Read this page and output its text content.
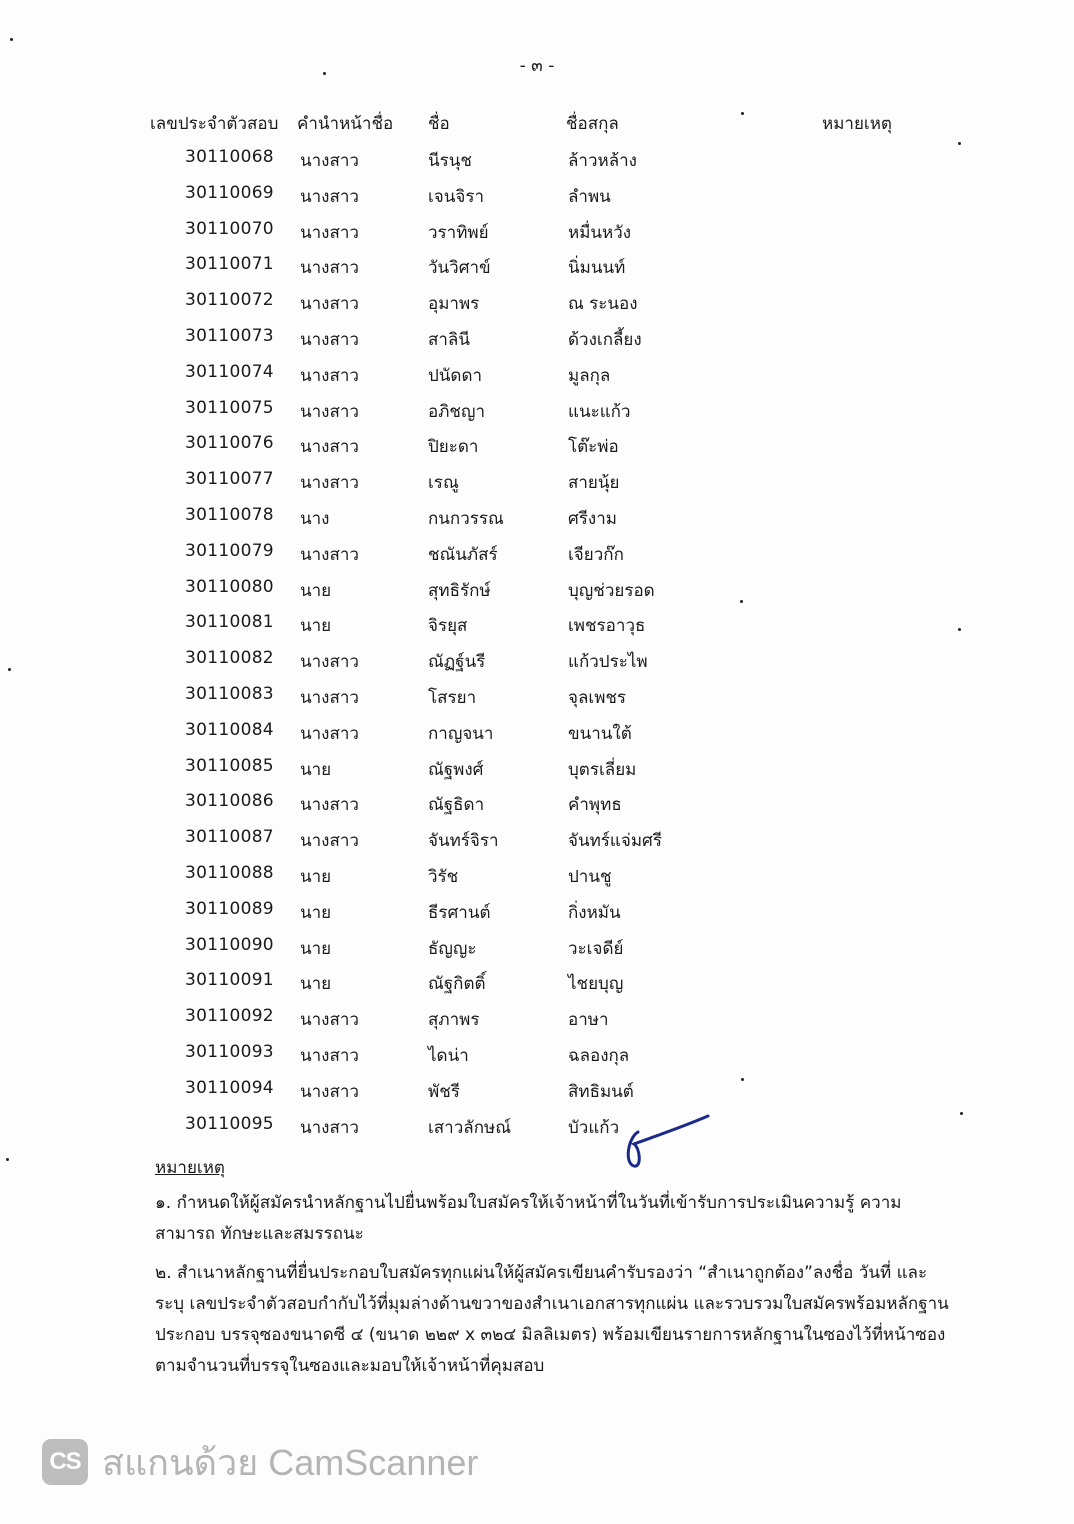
- ๓ -
เลขประจำตัวสอบ คำนำหน้าชื่อ ชื่อ	ชื่อสกุล	หมายเหตุ
30110068 นางสาว	นีรนุช	ล้าวหล้าง
30110069 นางสาว	เจนจิรา	ลำพน
30110070 นางสาว	วราทิพย์	หมื่นหวัง
30110071 นางสาว	วันวิศาข์	นิ่มนนท์
30110072 นางสาว	อุมาพร	ณ ระนอง
30110073 นางสาว	สาลินี	ด้วงเกลี้ยง
30110074 นางสาว	ปนัดดา	มูลกุล
30110075 นางสาว	อภิชญา	แนะแก้ว
30110076 นางสาว	ปิยะดา	โต๊ะพ่อ
30110077 นางสาว	เรณู	สายนุ้ย
30110078 นาง	กนกวรรณ	ศรีงาม
30110079 นางสาว	ชณันภัสร์	เจียวก๊ก
30110080 นาย	สุทธิรักษ์	บุญช่วยรอด
30110081 นาย	จิรยุส	เพชรอาวุธ
30110082 นางสาว	ณัฏฐ์นรี	แก้วประไพ
30110083 นางสาว	โสรยา	จุลเพชร
30110084 นางสาว	กาญจนา	ขนานใต้
30110085 นาย	ณัฐพงศ์	บุตรเลี่ยม
30110086 นางสาว	ณัฐธิดา	คำพุทธ
30110087 นางสาว	จันทร์จิรา	จันทร์แจ่มศรี
30110088 นาย	วิรัช	ปานชู
30110089 นาย	ธีรศานต์	กิ่งหมัน
30110090 นาย	ธัญญะ	วะเจดีย์
30110091 นาย	ณัฐกิตติ์	ไชยบุญ
30110092 นางสาว	สุภาพร	อาษา
30110093 นางสาว	ไดน่า	ฉลองกุล
30110094 นางสาว	พัชรี	สิทธิมนต์
30110095 นางสาว	เสาวลักษณ์	บัวแก้ว
หมายเหตุ
๑. กำหนดให้ผู้สมัครนำหลักฐานไปยื่นพร้อมใบสมัครให้เจ้าหน้าที่ในวันที่เข้ารับการประเมินความรู้ ความสามารถ ทักษะและสมรรถนะ
๒. สำเนาหลักฐานที่ยื่นประกอบใบสมัครทุกแผ่นให้ผู้สมัครเขียนคำรับรองว่า “สำเนาถูกต้อง”ลงชื่อ วันที่ และระบุ เลขประจำตัวสอบกำกับไว้ที่มุมล่างด้านขวาของสำเนาเอกสารทุกแผ่น และรวบรวมใบสมัครพร้อมหลักฐาน ประกอบ บรรจุซองขนาดซี ๔ (ขนาด ๒๒๙ x ๓๒๔ มิลลิเมตร) พร้อมเขียนรายการหลักฐานในซองไว้ที่หน้าซอง ตามจำนวนที่บรรจุในซองและมอบให้เจ้าหน้าที่คุมสอบ
CS สแกนด้วย CamScanner
